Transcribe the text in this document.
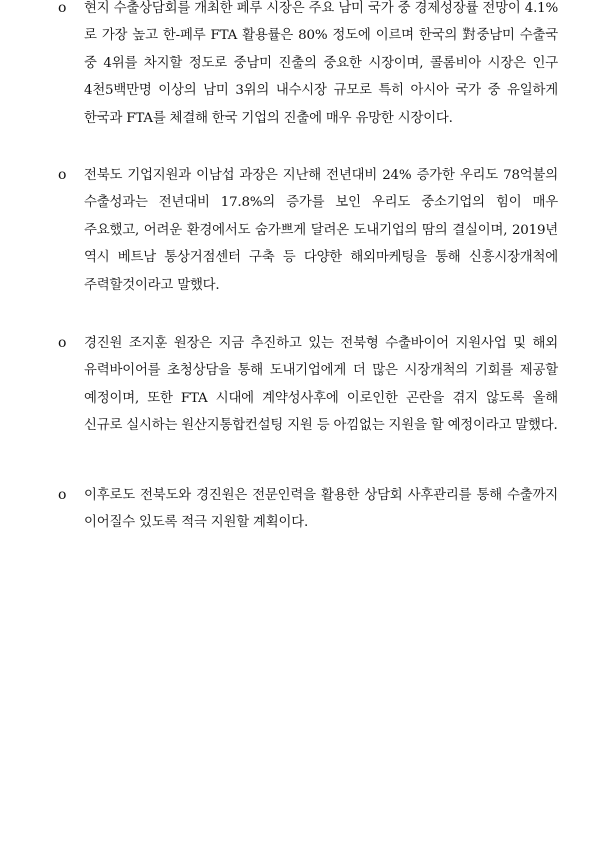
o	현지 수출상담회를 개최한 페루 시장은 주요 남미 국가 중 경제성장률 전망이 4.1%로 가장 높고 한-페루 FTA 활용률은 80% 정도에 이르며 한국의 對중남미 수출국 중 4위를 차지할 정도로 중남미 진출의 중요한 시장이며, 콜롬비아 시장은 인구 4천5백만명 이상의 남미 3위의 내수시장 규모로 특히 아시아 국가 중 유일하게 한국과 FTA를 체결해 한국 기업의 진출에 매우 유망한 시장이다.
o	전북도 기업지원과 이남섭 과장은 지난해 전년대비 24% 증가한 우리도 78억불의 수출성과는 전년대비 17.8%의 증가를 보인 우리도 중소기업의 힘이 매우 주요했고, 어려운 환경에서도 숨가쁘게 달려온 도내기업의 땀의 결실이며, 2019년 역시 베트남 통상거점센터 구축 등 다양한 해외마케팅을 통해 신흥시장개척에 주력할것이라고 말했다.
o	경진원 조지훈 원장은 지금 추진하고 있는 전북형 수출바이어 지원사업 및 해외 유력바이어를 초청상담을 통해 도내기업에게 더 많은 시장개척의 기회를 제공할 예정이며, 또한 FTA 시대에 계약성사후에 이로인한 곤란을 겪지 않도록 올해 신규로 실시하는 원산지통합컨설팅 지원 등 아낌없는 지원을 할 예정이라고 말했다.
o	이후로도 전북도와 경진원은 전문인력을 활용한 상담회 사후관리를 통해 수출까지 이어질수 있도록 적극 지원할 계획이다.
